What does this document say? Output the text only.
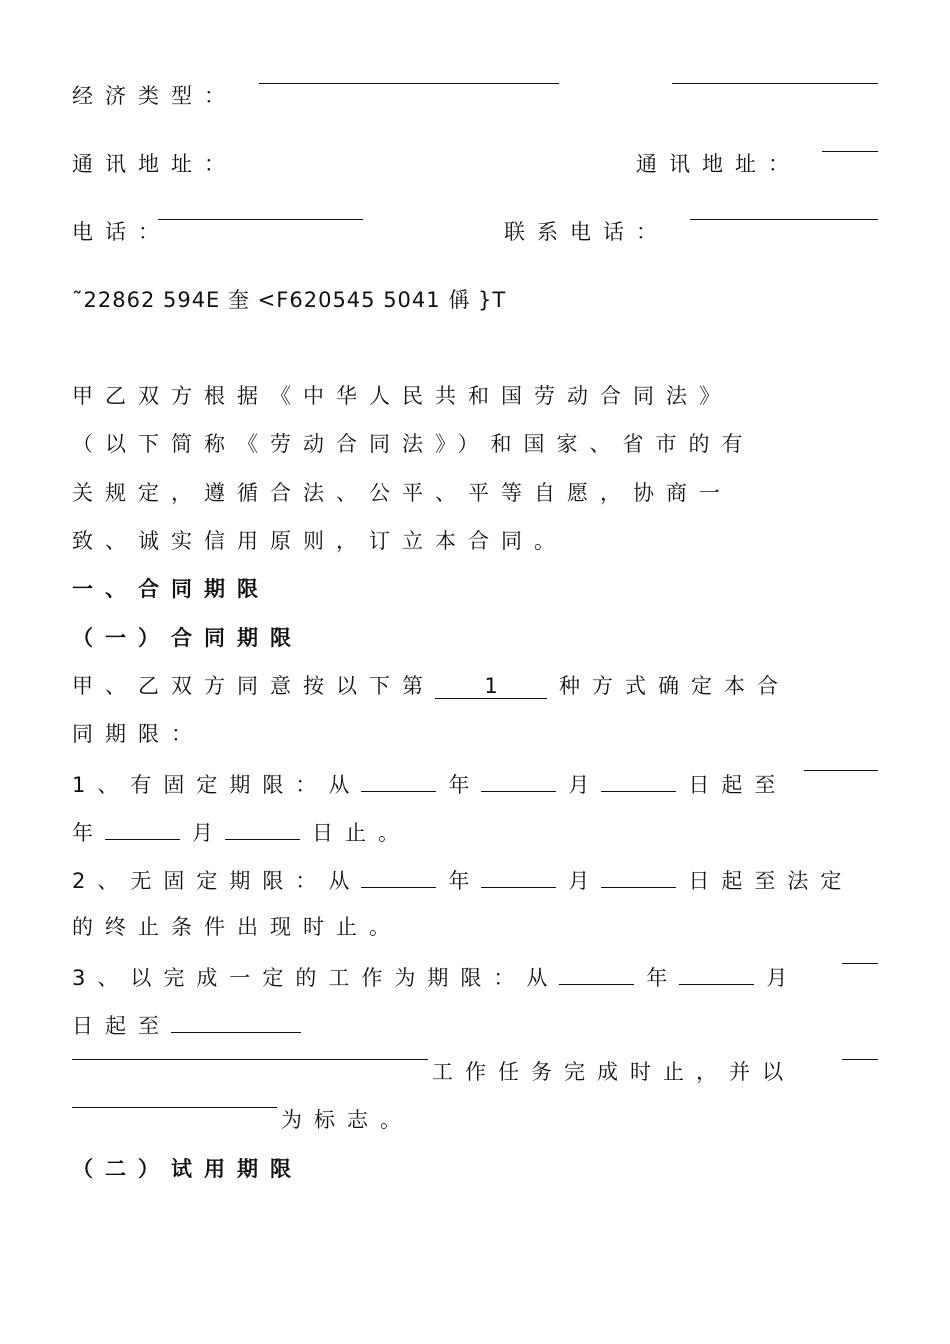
经济类型：
通讯地址：	通讯地址：
电话：	联系电话：
˜22862 594E 奎 <F620545 5041 偁 }T
甲乙双方根据《中华人民共和国劳动合同法》
（以下简称《劳动合同法》）和国家、省市的有
关规定，遵循合法、公平、平等自愿，协商一
致、诚实信用原则，订立本合同。
一、合同期限
（一）合同期限
甲、乙双方同意按以下第 1	种方式确定本合
同期限：
1、有固定期限：从	年	月	日起至
年	月	日止。
2、无固定期限：从	年	月	日起至法定
的终止条件出现时止。
3、以完成一定的工作为期限：从	年	月
日起至
工作任务完成时止，并以
为标志。
（二）试用期限
